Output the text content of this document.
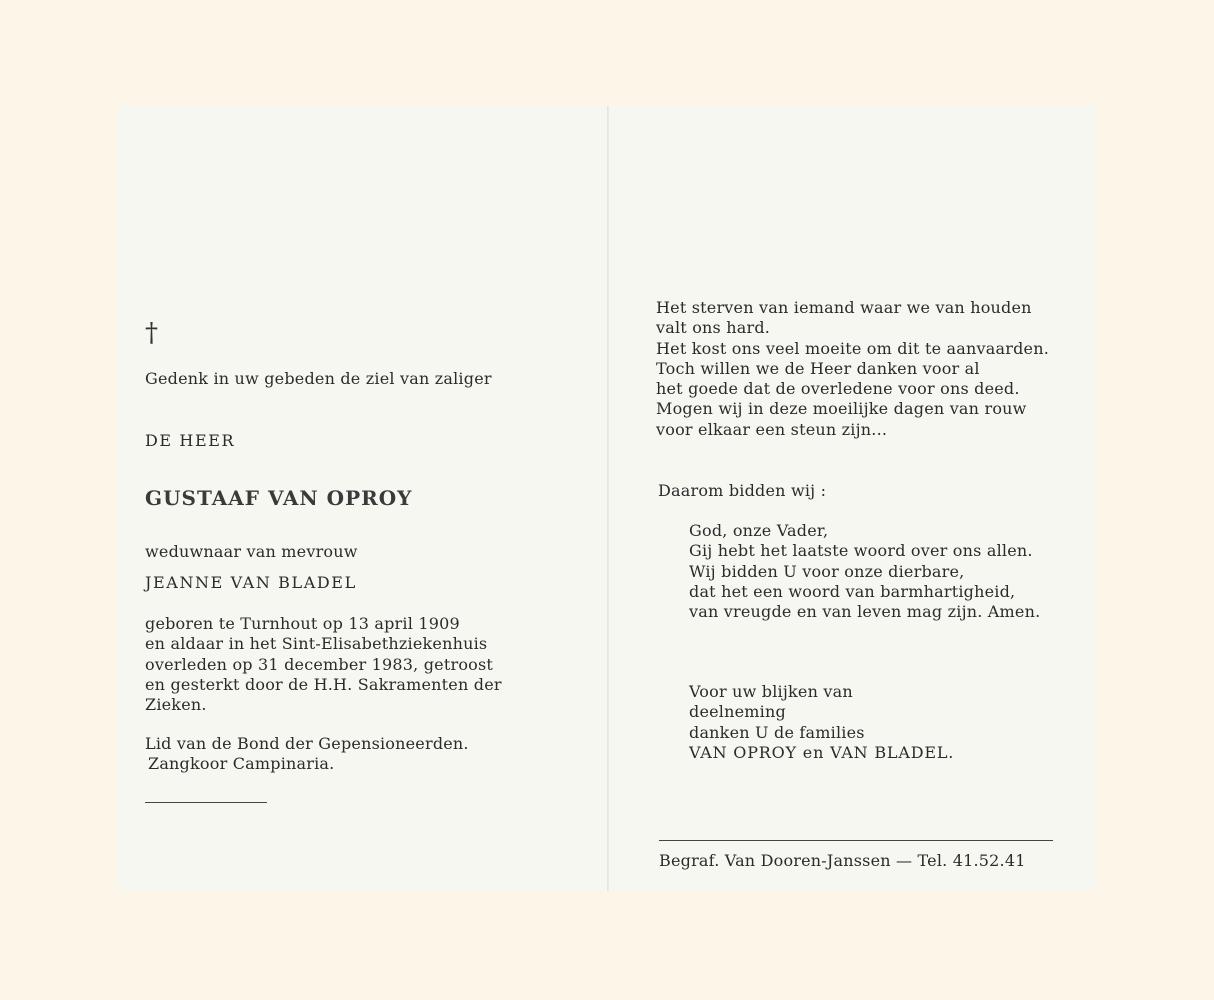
†
Gedenk in uw gebeden de ziel van zaliger
DE HEER
GUSTAAF VAN OPROY
weduwnaar van mevrouw
JEANNE VAN BLADEL
geboren te Turnhout op 13 april 1909
en aldaar in het Sint-Elisabethziekenhuis
overleden op 31 december 1983, getroost
en gesterkt door de H.H. Sakramenten der
Zieken.
Lid van de Bond der Gepensioneerden.
Zangkoor Campinaria.
Het sterven van iemand waar we van houden
valt ons hard.
Het kost ons veel moeite om dit te aanvaarden.
Toch willen we de Heer danken voor al
het goede dat de overledene voor ons deed.
Mogen wij in deze moeilijke dagen van rouw
voor elkaar een steun zijn...
Daarom bidden wij :
God, onze Vader,
Gij hebt het laatste woord over ons allen.
Wij bidden U voor onze dierbare,
dat het een woord van barmhartigheid,
van vreugde en van leven mag zijn. Amen.
Voor uw blijken van
deelneming
danken U de families
VAN OPROY en VAN BLADEL.
Begraf. Van Dooren-Janssen — Tel. 41.52.41
